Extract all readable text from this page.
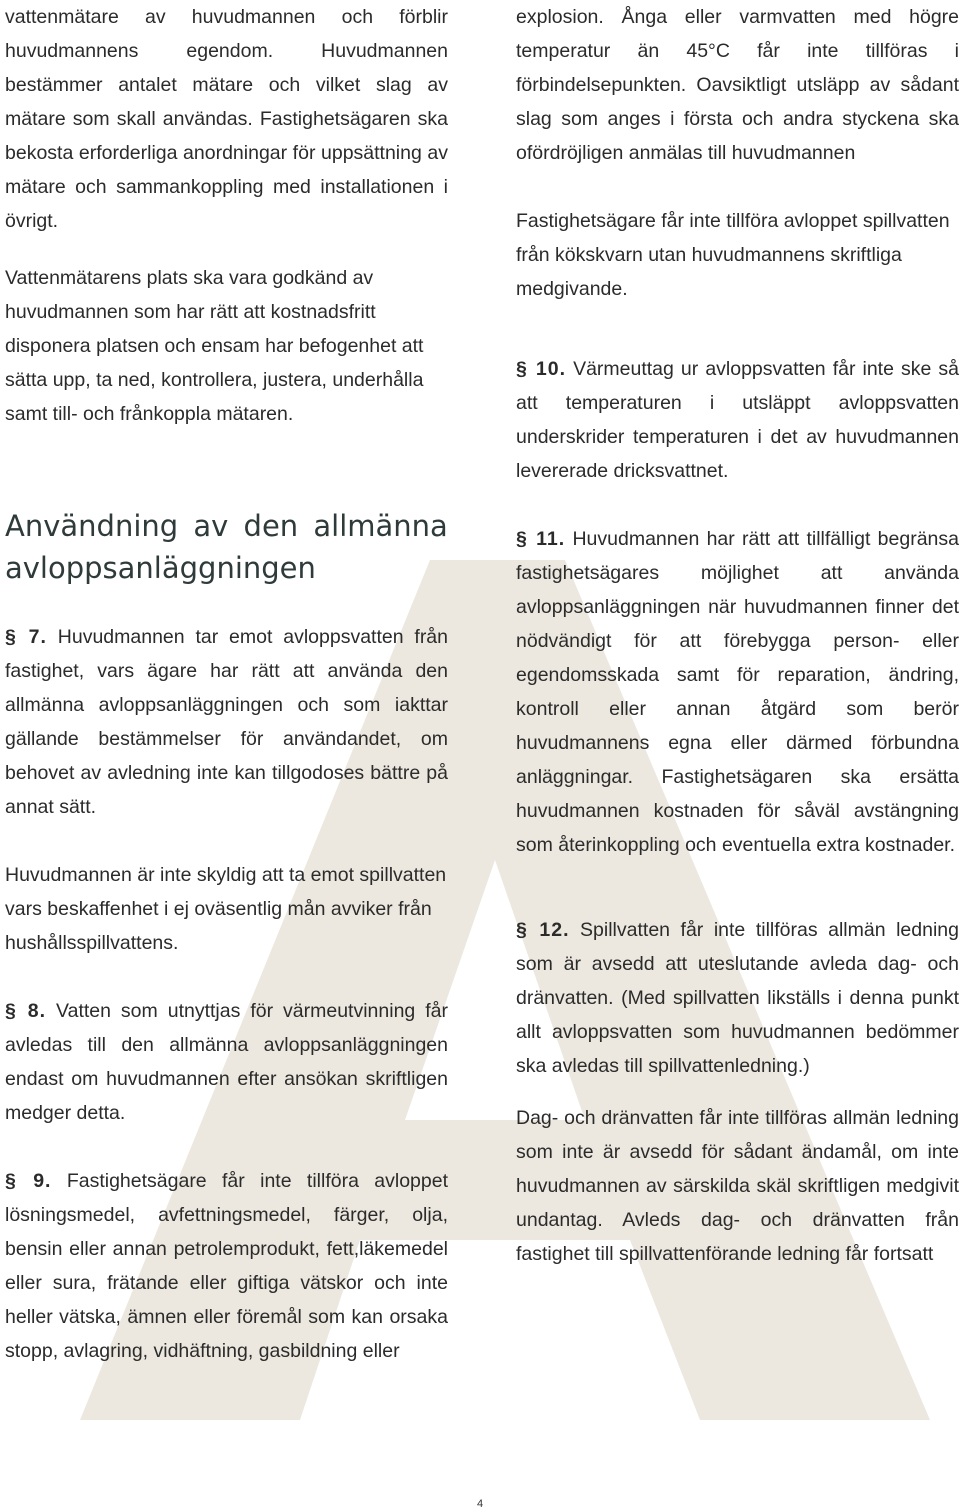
vattenmätare av huvudmannen och förblir huvudmannens egendom. Huvudmannen bestämmer antalet mätare och vilket slag av mätare som skall användas. Fastighetsägaren ska bekosta erforderliga anordningar för uppsättning av mätare och sammankoppling med installationen i övrigt.

Vattenmätarens plats ska vara godkänd av huvudmannen som har rätt att kostnadsfritt disponera platsen och ensam har befogenhet att sätta upp, ta ned, kontrollera, justera, underhålla samt till- och frånkoppla mätaren.

Användning av den allmänna avloppsanläggningen

§ 7. Huvudmannen tar emot avloppsvatten från fastighet, vars ägare har rätt att använda den allmänna avloppsanläggningen och som iakttar gällande bestämmelser för användandet, om behovet av avledning inte kan tillgodoses bättre på annat sätt.

Huvudmannen är inte skyldig att ta emot spillvatten vars beskaffenhet i ej oväsentlig mån avviker från hushållsspillvattens.

§ 8. Vatten som utnyttjas för värmeutvinning får avledas till den allmänna avloppsanläggningen endast om huvudmannen efter ansökan skriftligen medger detta.

§ 9. Fastighetsägare får inte tillföra avloppet lösningsmedel, avfettningsmedel, färger, olja, bensin eller annan petrolemprodukt, fett,läkemedel eller sura, frätande eller giftiga vätskor och inte heller vätska, ämnen eller föremål som kan orsaka stopp, avlagring, vidhäftning, gasbildning eller

explosion. Ånga eller varmvatten med högre temperatur än 45°C får inte tillföras i förbindelsepunkten. Oavsiktligt utsläpp av sådant slag som anges i första och andra styckena ska ofördröjligen anmälas till huvudmannen

Fastighetsägare får inte tillföra avloppet spillvatten från kökskvarn utan huvudmannens skriftliga medgivande.

§ 10. Värmeuttag ur avloppsvatten får inte ske så att temperaturen i utsläppt avloppsvatten underskrider temperaturen i det av huvudmannen levererade dricksvattnet.

§ 11. Huvudmannen har rätt att tillfälligt begränsa fastighetsägares möjlighet att använda avloppsanläggningen när huvudmannen finner det nödvändigt för att förebygga person- eller egendomsskada samt för reparation, ändring, kontroll eller annan åtgärd som berör huvudmannens egna eller därmed förbundna anläggningar. Fastighetsägaren ska ersätta huvudmannen kostnaden för såväl avstängning som återinkoppling och eventuella extra kostnader.

§ 12. Spillvatten får inte tillföras allmän ledning som är avsedd att uteslutande avleda dag- och dränvatten. (Med spillvatten likställs i denna punkt allt avloppsvatten som huvudmannen bedömmer ska avledas till spillvattenledning.)

Dag- och dränvatten får inte tillföras allmän ledning som inte är avsedd för sådant ändamål, om inte huvudmannen av särskilda skäl skriftligen medgivit undantag. Avleds dag- och dränvatten från fastighet till spillvattenförande ledning får fortsatt

4
